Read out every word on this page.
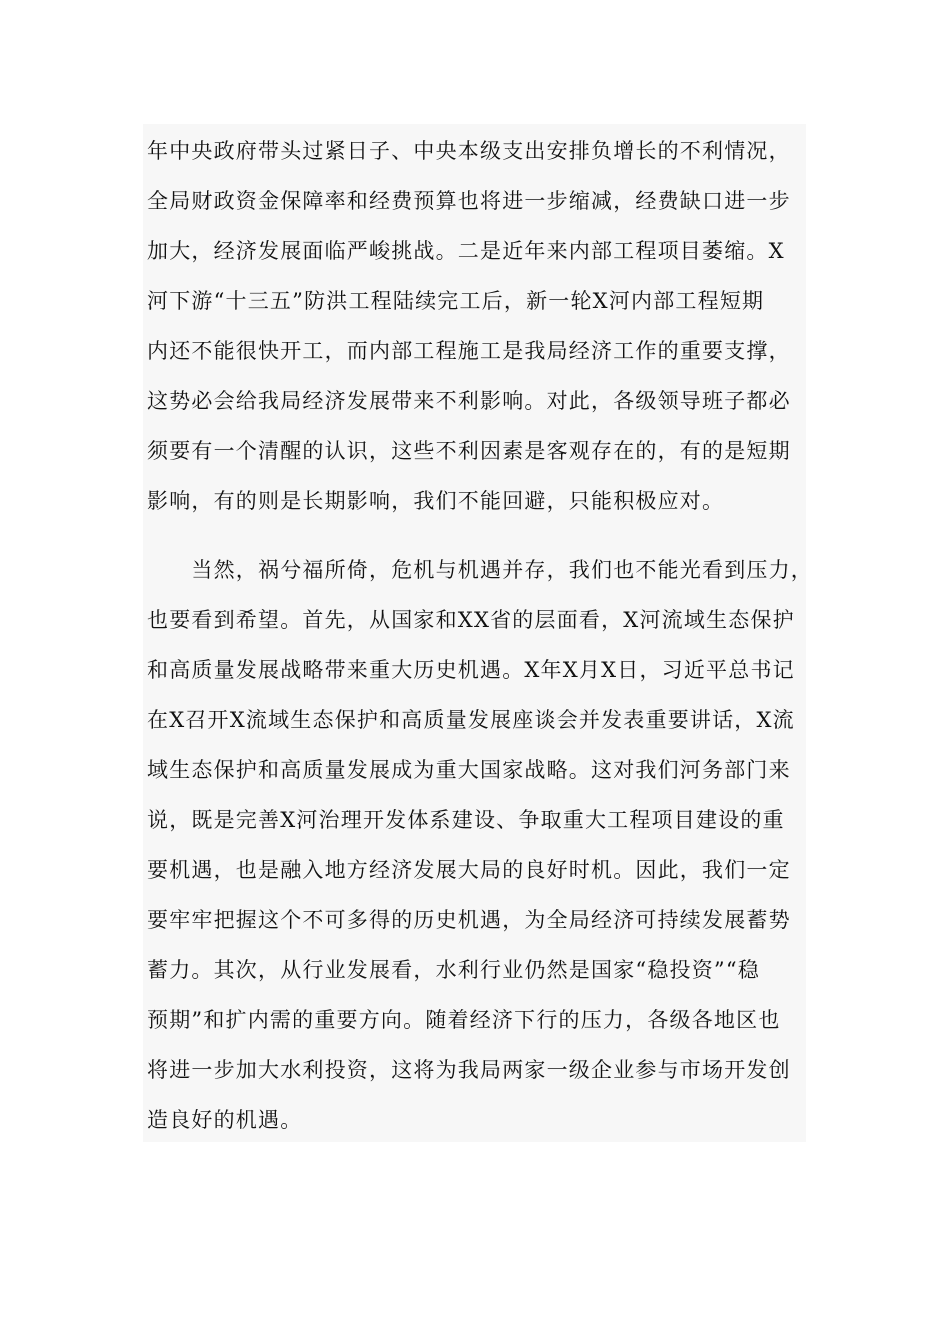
年中央政府带头过紧日子、中央本级支出安排负增长的不利情况，
全局财政资金保障率和经费预算也将进一步缩减，经费缺口进一步
加大，经济发展面临严峻挑战。二是近年来内部工程项目萎缩。X
河下游“十三五”防洪工程陆续完工后，新一轮X河内部工程短期
内还不能很快开工，而内部工程施工是我局经济工作的重要支撑，
这势必会给我局经济发展带来不利影响。对此，各级领导班子都必
须要有一个清醒的认识，这些不利因素是客观存在的，有的是短期
影响，有的则是长期影响，我们不能回避，只能积极应对。
　　当然，祸兮福所倚，危机与机遇并存，我们也不能光看到压力，
也要看到希望。首先，从国家和XX省的层面看，X河流域生态保护
和高质量发展战略带来重大历史机遇。X年X月X日，习近平总书记
在X召开X流域生态保护和高质量发展座谈会并发表重要讲话，X流
域生态保护和高质量发展成为重大国家战略。这对我们河务部门来
说，既是完善X河治理开发体系建设、争取重大工程项目建设的重
要机遇，也是融入地方经济发展大局的良好时机。因此，我们一定
要牢牢把握这个不可多得的历史机遇，为全局经济可持续发展蓄势
蓄力。其次，从行业发展看，水利行业仍然是国家“稳投资”“稳
预期”和扩内需的重要方向。随着经济下行的压力，各级各地区也
将进一步加大水利投资，这将为我局两家一级企业参与市场开发创
造良好的机遇。
